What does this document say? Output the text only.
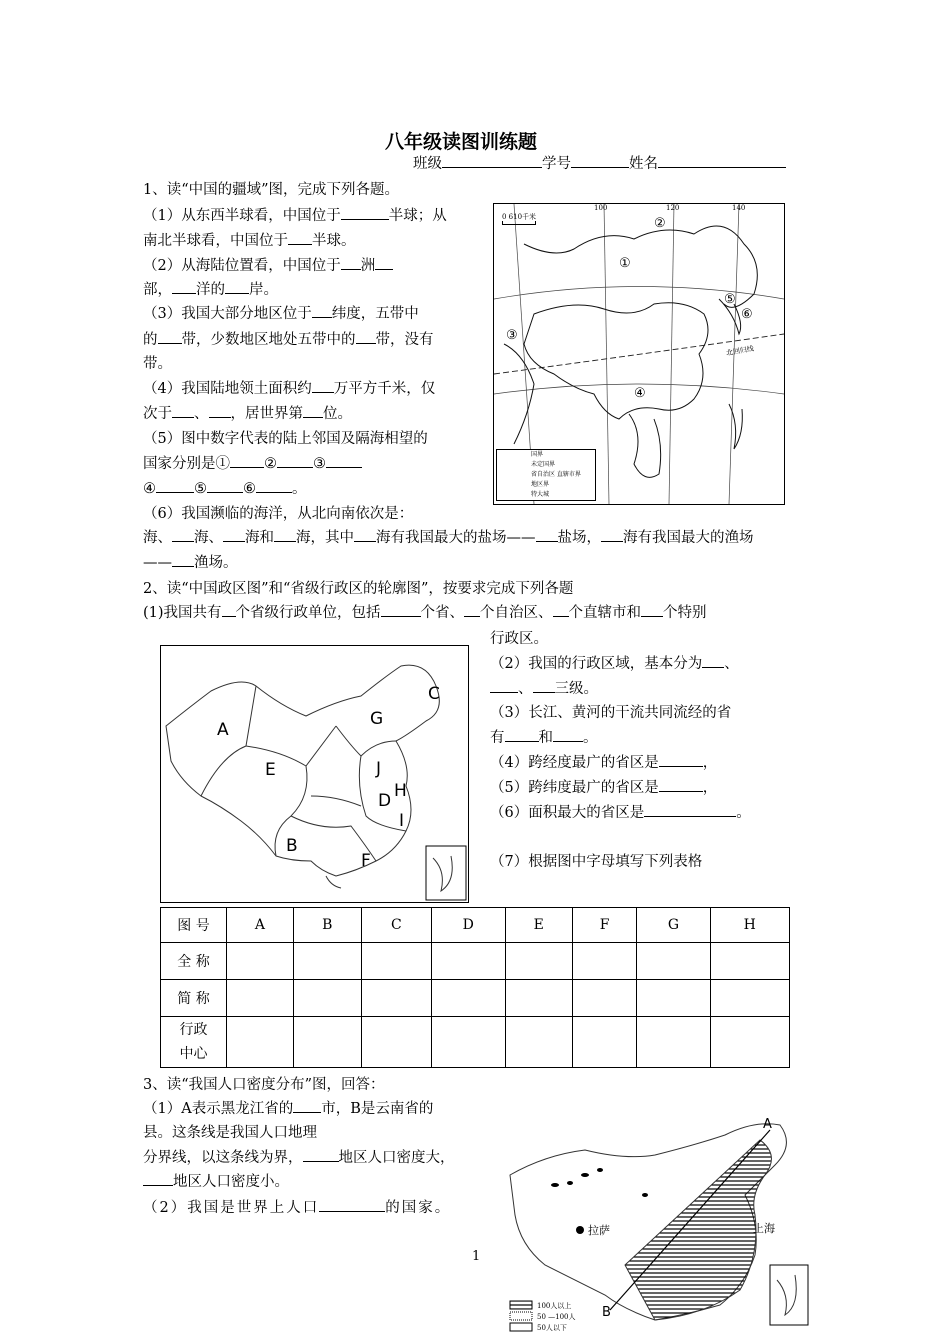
八年级读图训练题
班级	学号	姓名
1、读“中国的疆域”图，完成下列各题。
（1）从东西半球看，中国位于	半球；从
南北半球看，中国位于 半球。
（2）从海陆位置看，中国位于 洲
部， 洋的 岸。
（3）我国大部分地区位于 纬度，五带中
的 带，少数地区地处五带中的 带，没有
带。
（4）我国陆地领土面积约 万平方千米，仅
次于 、 ，居世界第 位。
（5）图中数字代表的陆上邻国及隔海相望的
国家分别是① ② ③
④	⑤ ⑥ 。
（6）我国濒临的海洋，从北向南依次是：
海、 海、 海和 海，其中 海有我国最大的盐场—— 盐场， 海有我国最大的渔场
—— 渔场。
0 610千米
100	120	140
①
②
③
④
⑤
⑥
北回归线
国界
未定国界
省自治区 直辖市界
地区界
特大城
2、读“中国政区图”和“省级行政区的轮廓图”，按要求完成下列各题
(1)我国共有 个省级行政单位，包括	个省、 个自治区、 个直辖市和 个特别
行政区。
（2）我国的行政区域，基本分为 、
、 三级。
（3）长江、黄河的干流共同流经的省
有 和 。
（4）跨经度最广的省区是	，
（5）跨纬度最广的省区是	，
（6）面积最大的省区是	。
（7）根据图中字母填写下列表格
A
B
C
D
E
F
G
H
I
J
图 号	A	B	C	D	E	F	G	H
全 称								
简 称								
行政中心								
3、读“我国人口密度分布”图，回答：
（1）A表示黑龙江省的 市，B是云南省的
县。这条线是我国人口地理
分界线，以这条线为界， 地区人口密度大，
地区人口密度小。
（2）我国是世界上人口	的国家。
A
B
拉萨	上海
100人以上
50 —100人
50人以下
1
